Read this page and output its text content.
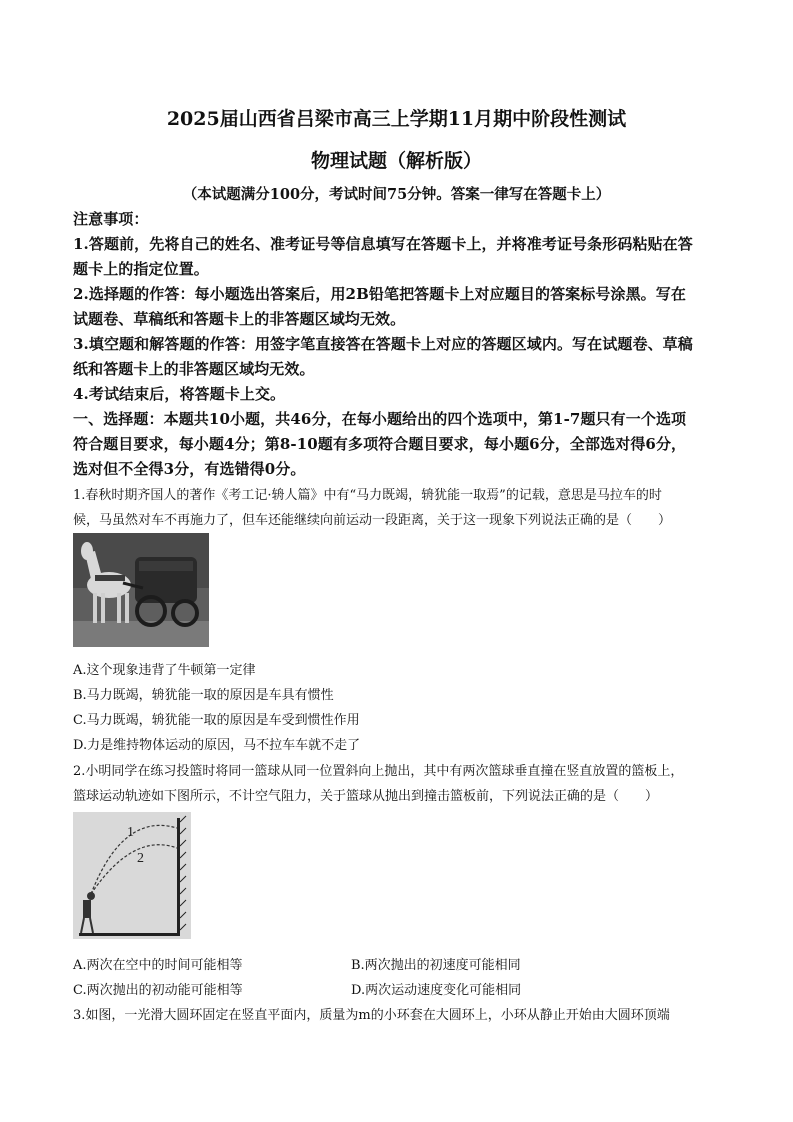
2025届山西省吕梁市高三上学期11月期中阶段性测试
物理试题（解析版）
（本试题满分100分，考试时间75分钟。答案一律写在答题卡上）
注意事项：
1.答题前，先将自己的姓名、准考证号等信息填写在答题卡上，并将准考证号条形码粘贴在答
题卡上的指定位置。
2.选择题的作答：每小题选出答案后，用2B铅笔把答题卡上对应题目的答案标号涂黑。写在
试题卷、草稿纸和答题卡上的非答题区域均无效。
3.填空题和解答题的作答：用签字笔直接答在答题卡上对应的答题区域内。写在试题卷、草稿
纸和答题卡上的非答题区域均无效。
4.考试结束后，将答题卡上交。
一、选择题：本题共10小题，共46分，在每小题给出的四个选项中，第1-7题只有一个选项
符合题目要求，每小题4分；第8-10题有多项符合题目要求，每小题6分，全部选对得6分，
选对但不全得3分，有选错得0分。
1.春秋时期齐国人的著作《考工记·辀人篇》中有“马力既竭，辀犹能一取焉”的记载，意思是马拉车的时
候，马虽然对车不再施力了，但车还能继续向前运动一段距离，关于这一现象下列说法正确的是（　　）
A.这个现象违背了牛顿第一定律
B.马力既竭，辀犹能一取的原因是车具有惯性
C.马力既竭，辀犹能一取的原因是车受到惯性作用
D.力是维持物体运动的原因，马不拉车车就不走了
2.小明同学在练习投篮时将同一篮球从同一位置斜向上抛出，其中有两次篮球垂直撞在竖直放置的篮板上，
篮球运动轨迹如下图所示，不计空气阻力，关于篮球从抛出到撞击篮板前，下列说法正确的是（　　）
1
2
A.两次在空中的时间可能相等	B.两次抛出的初速度可能相同
C.两次抛出的初动能可能相等	D.两次运动速度变化可能相同
3.如图，一光滑大圆环固定在竖直平面内，质量为m的小环套在大圆环上，小环从静止开始由大圆环顶端
